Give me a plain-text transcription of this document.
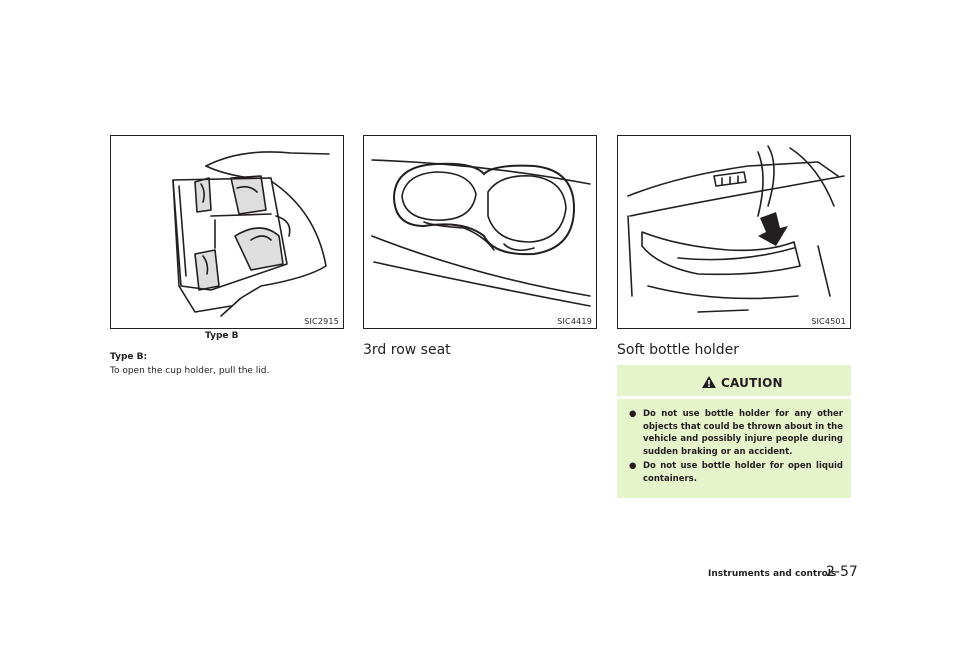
SIC2915
Type B
Type B:
To open the cup holder, pull the lid.
SIC4419
3rd row seat
SIC4501
Soft bottle holder
CAUTION
● Do not use bottle holder for any other objects that could be thrown about in the vehicle and possibly injure people during sudden braking or an accident.
● Do not use bottle holder for open liquid containers.
Instruments and controls
2-57
